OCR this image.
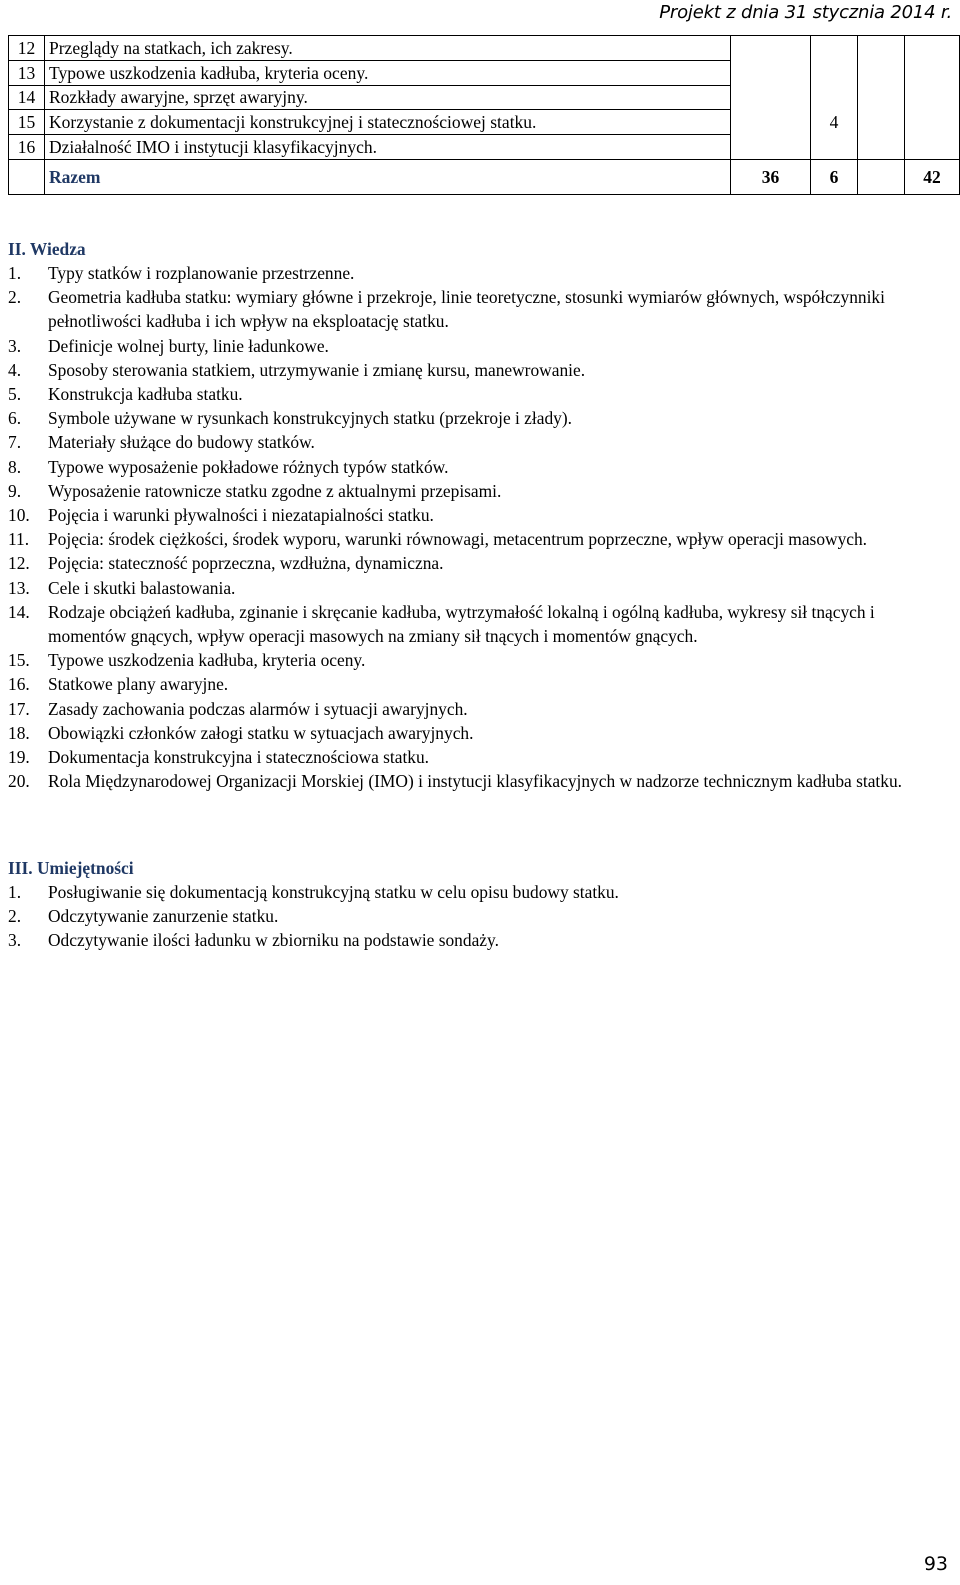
Projekt z dnia 31 stycznia 2014 r.
12	Przeglądy na statkach, ich zakresy.				
13	Typowe uszkodzenia kadłuba, kryteria oceny.				
14	Rozkłady awaryjne, sprzęt awaryjny.				
15	Korzystanie z dokumentacji konstrukcyjnej i statecznościowej statku.		4		
16	Działalność IMO i instytucji klasyfikacyjnych.				
	Razem	36	6		42
II. Wiedza
1.	Typy statków i rozplanowanie przestrzenne.
2.	Geometria kadłuba statku: wymiary główne i przekroje, linie teoretyczne, stosunki wymiarów głównych, współczynniki pełnotliwości kadłuba i ich wpływ na eksploatację statku.
3.	Definicje wolnej burty, linie ładunkowe.
4.	Sposoby sterowania statkiem, utrzymywanie i zmianę kursu, manewrowanie.
5.	Konstrukcja kadłuba statku.
6.	Symbole używane w rysunkach konstrukcyjnych statku (przekroje i złady).
7.	Materiały służące do budowy statków.
8.	Typowe wyposażenie pokładowe różnych typów statków.
9.	Wyposażenie ratownicze statku zgodne z aktualnymi przepisami.
10.	Pojęcia i warunki pływalności i niezatapialności statku.
11.	Pojęcia: środek ciężkości, środek wyporu, warunki równowagi, metacentrum poprzeczne, wpływ operacji masowych.
12.	Pojęcia: stateczność poprzeczna, wzdłużna, dynamiczna.
13.	Cele i skutki balastowania.
14.	Rodzaje obciążeń kadłuba, zginanie i skręcanie kadłuba, wytrzymałość lokalną i ogólną kadłuba, wykresy sił tnących i momentów gnących, wpływ operacji masowych na zmiany sił tnących i momentów gnących.
15.	Typowe uszkodzenia kadłuba, kryteria oceny.
16.	Statkowe plany awaryjne.
17.	Zasady zachowania podczas alarmów i sytuacji awaryjnych.
18.	Obowiązki członków załogi statku w sytuacjach awaryjnych.
19.	Dokumentacja konstrukcyjna i statecznościowa statku.
20.	Rola Międzynarodowej Organizacji Morskiej (IMO) i instytucji klasyfikacyjnych w nadzorze technicznym kadłuba statku.
III. Umiejętności
1.	Posługiwanie się dokumentacją konstrukcyjną statku w celu opisu budowy statku.
2.	Odczytywanie zanurzenie statku.
3.	Odczytywanie ilości ładunku w zbiorniku na podstawie sondaży.
93
